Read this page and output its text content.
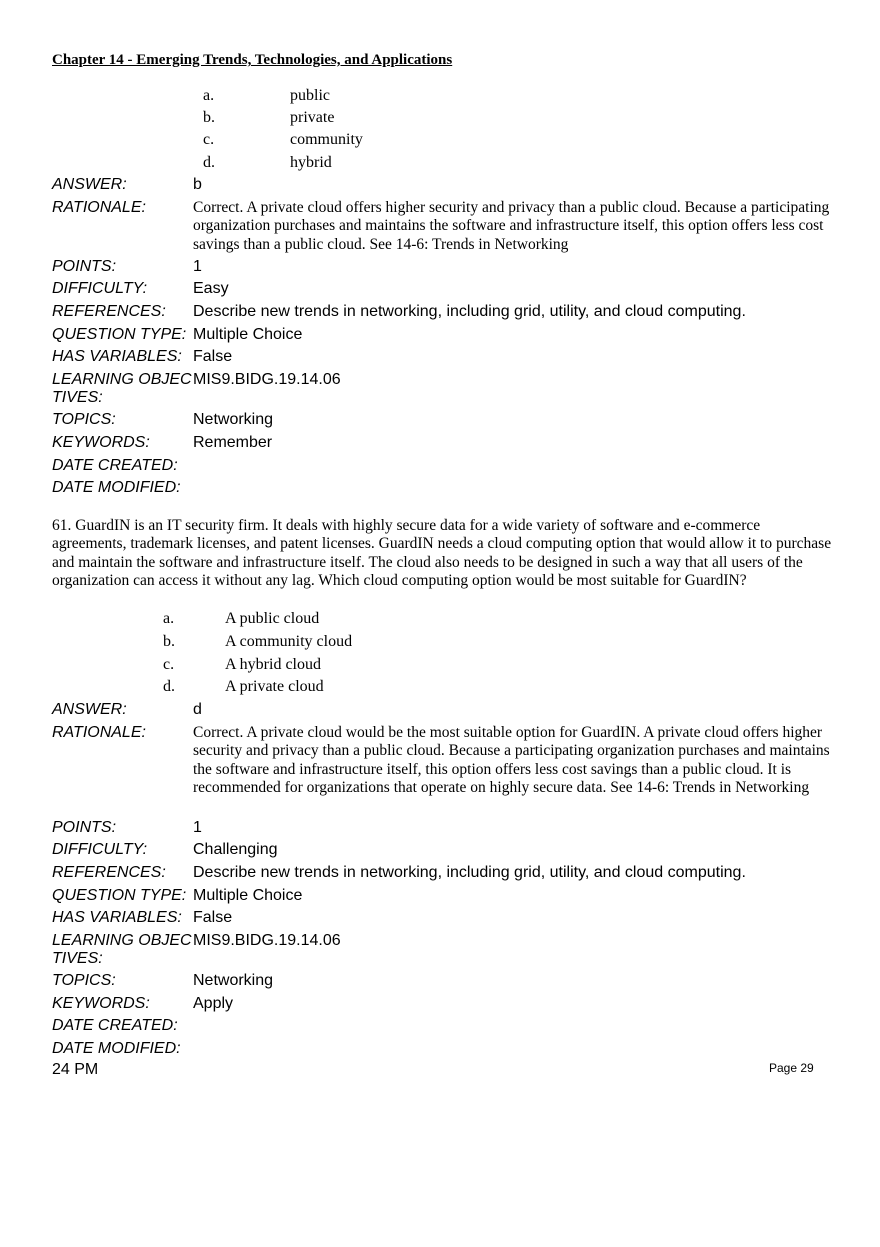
Chapter 14 - Emerging Trends, Technologies, and Applications
a.	public
b.	private
c.	community
d.	hybrid
ANSWER:	b
RATIONALE:	Correct. A private cloud offers higher security and privacy than a public cloud. Because a participating organization purchases and maintains the software and infrastructure itself, this option offers less cost savings than a public cloud. See 14-6: Trends in Networking
POINTS:	1
DIFFICULTY:	Easy
REFERENCES:	Describe new trends in networking, including grid, utility, and cloud computing.
QUESTION TYPE: Multiple Choice
HAS VARIABLES: False
LEARNING OBJEC
TIVES:
MIS9.BIDG.19.14.06
TOPICS:	Networking
KEYWORDS:	Remember
DATE CREATED:
DATE MODIFIED:
61. GuardIN is an IT security firm. It deals with highly secure data for a wide variety of software and e-commerce agreements, trademark licenses, and patent licenses. GuardIN needs a cloud computing option that would allow it to purchase and maintain the software and infrastructure itself. The cloud also needs to be designed in such a way that all users of the organization can access it without any lag. Which cloud computing option would be most suitable for GuardIN?
a.	A public cloud
b.	A community cloud
c.	A hybrid cloud
d.	A private cloud
ANSWER:	d
RATIONALE:	Correct. A private cloud would be the most suitable option for GuardIN. A private cloud offers higher security and privacy than a public cloud. Because a participating organization purchases and maintains the software and infrastructure itself, this option offers less cost savings than a public cloud. It is recommended for organizations that operate on highly secure data. See 14-6: Trends in Networking
POINTS:	1
DIFFICULTY:	Challenging
REFERENCES:	Describe new trends in networking, including grid, utility, and cloud computing.
QUESTION TYPE: Multiple Choice
HAS VARIABLES: False
LEARNING OBJEC
TIVES:
MIS9.BIDG.19.14.06
TOPICS:	Networking
KEYWORDS:	Apply
DATE CREATED:
DATE MODIFIED:
24 PM	Page 29
